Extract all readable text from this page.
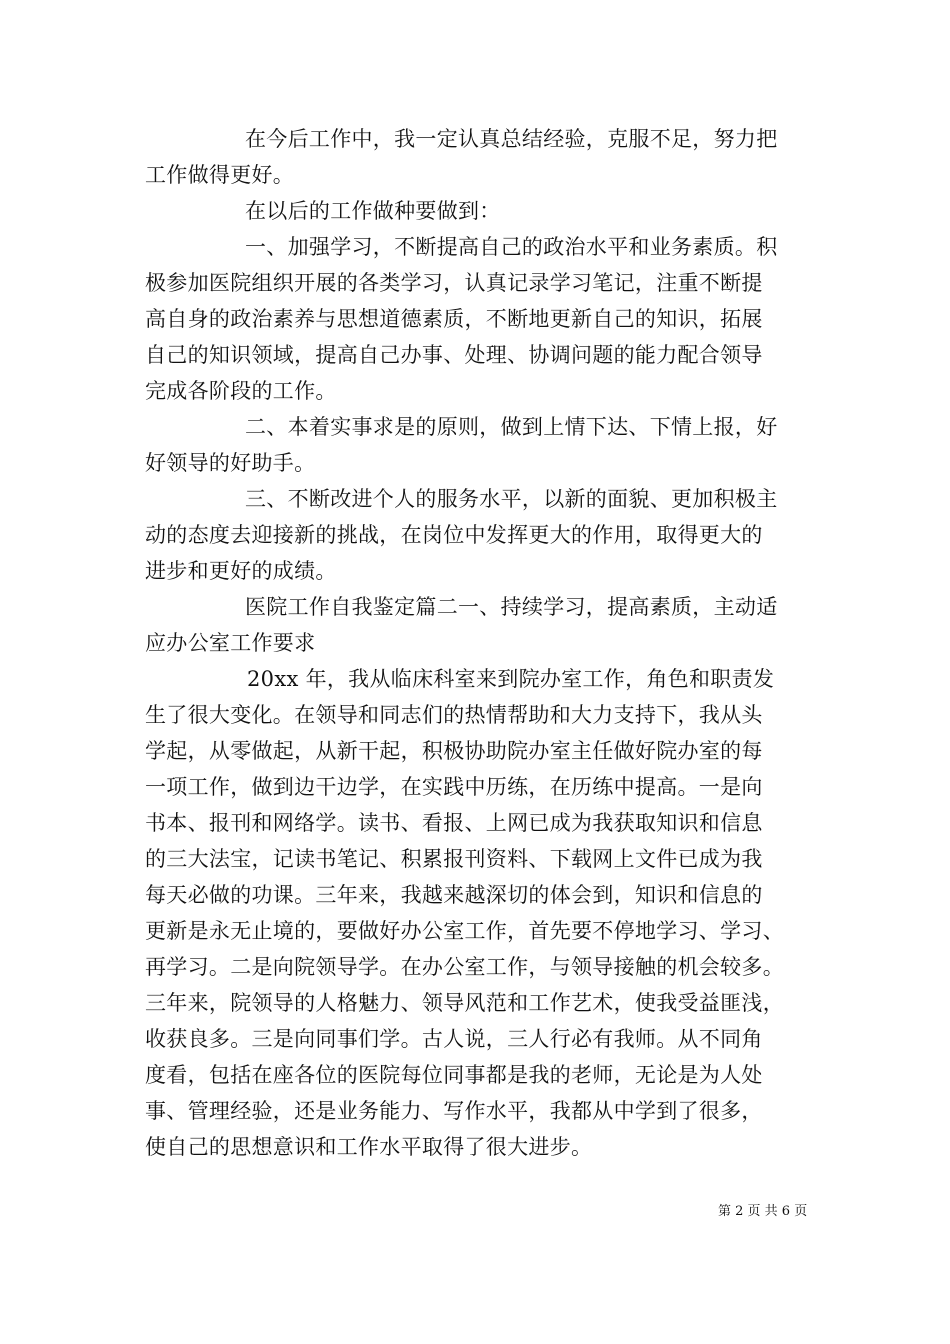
在今后工作中，我一定认真总结经验，克服不足，努力把
工作做得更好。
在以后的工作做种要做到：
一、加强学习，不断提高自己的政治水平和业务素质。积
极参加医院组织开展的各类学习，认真记录学习笔记，注重不断提
高自身的政治素养与思想道德素质，不断地更新自己的知识，拓展
自己的知识领域，提高自己办事、处理、协调问题的能力配合领导
完成各阶段的工作。
二、本着实事求是的原则，做到上情下达、下情上报，好
好领导的好助手。
三、不断改进个人的服务水平，以新的面貌、更加积极主
动的态度去迎接新的挑战，在岗位中发挥更大的作用，取得更大的
进步和更好的成绩。
医院工作自我鉴定篇二一、持续学习，提高素质，主动适
应办公室工作要求
20xx 年，我从临床科室来到院办室工作，角色和职责发
生了很大变化。在领导和同志们的热情帮助和大力支持下，我从头
学起，从零做起，从新干起，积极协助院办室主任做好院办室的每
一项工作，做到边干边学，在实践中历练，在历练中提高。一是向
书本、报刊和网络学。读书、看报、上网已成为我获取知识和信息
的三大法宝，记读书笔记、积累报刊资料、下载网上文件已成为我
每天必做的功课。三年来，我越来越深切的体会到，知识和信息的
更新是永无止境的，要做好办公室工作，首先要不停地学习、学习、
再学习。二是向院领导学。在办公室工作，与领导接触的机会较多。
三年来，院领导的人格魅力、领导风范和工作艺术，使我受益匪浅，
收获良多。三是向同事们学。古人说，三人行必有我师。从不同角
度看，包括在座各位的医院每位同事都是我的老师，无论是为人处
事、管理经验，还是业务能力、写作水平，我都从中学到了很多，
使自己的思想意识和工作水平取得了很大进步。
第 2 页 共 6 页
